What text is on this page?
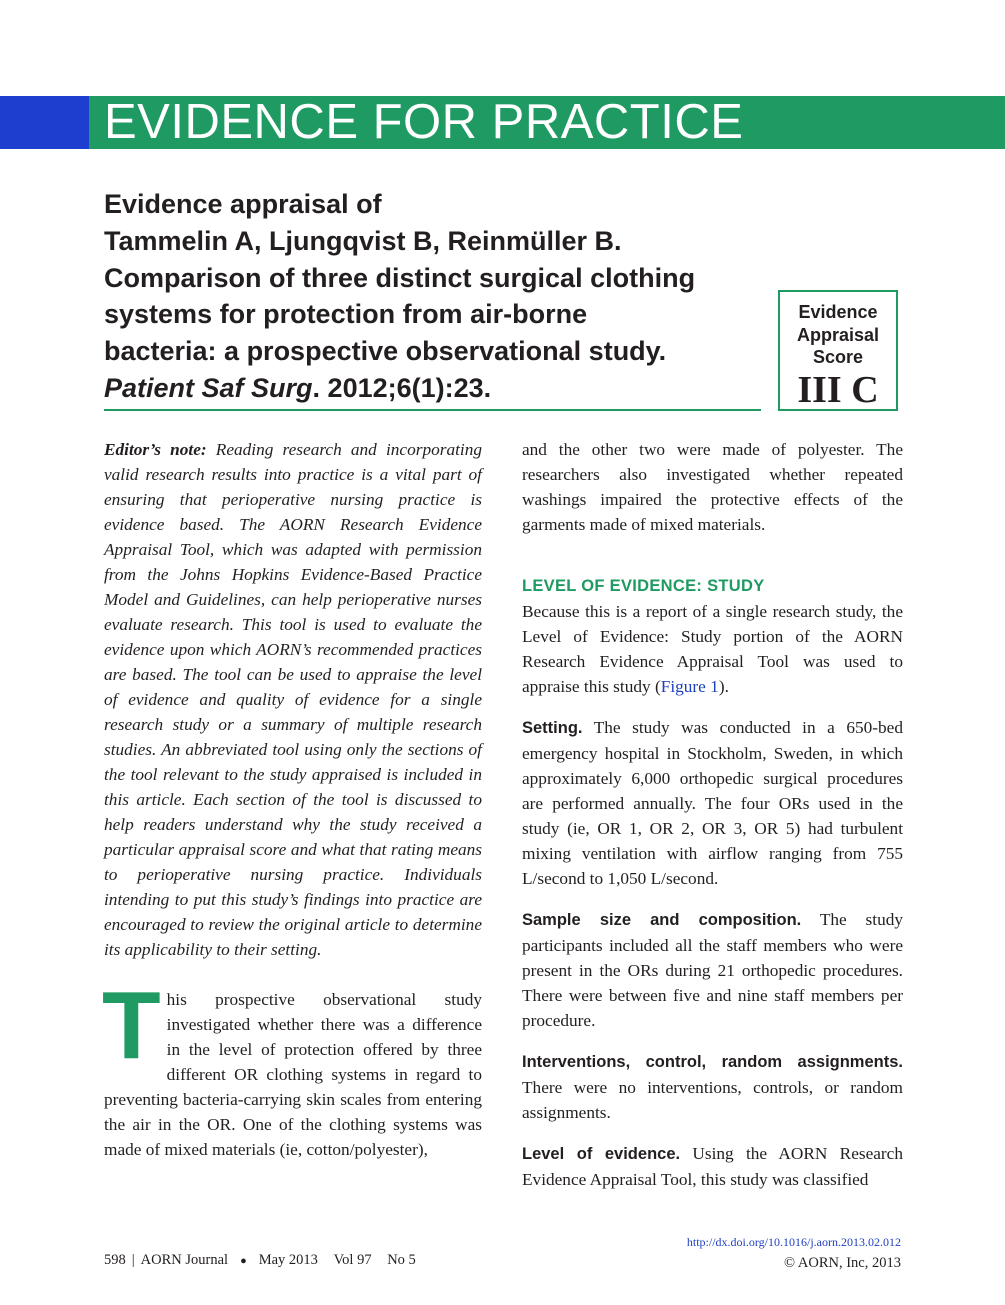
EVIDENCE FOR PRACTICE
Evidence appraisal of
Tammelin A, Ljungqvist B, Reinmüller B.
Comparison of three distinct surgical clothing
systems for protection from air-borne
bacteria: a prospective observational study.
Patient Saf Surg. 2012;6(1):23.
Evidence
Appraisal
Score
III C

Editor’s note: Reading research and incorporating valid research results into practice is a vital part of ensuring that perioperative nursing practice is evidence based. The AORN Research Evidence Appraisal Tool, which was adapted with permission from the Johns Hopkins Evidence-Based Practice Model and Guidelines, can help perioperative nurses evaluate research. This tool is used to evaluate the evidence upon which AORN’s recommended practices are based. The tool can be used to appraise the level of evidence and quality of evidence for a single research study or a summary of multiple research studies. An abbreviated tool using only the sections of the tool relevant to the study appraised is included in this article. Each section of the tool is discussed to help readers understand why the study received a particular appraisal score and what that rating means to perioperative nursing practice. Individuals intending to put this study’s findings into practice are encouraged to review the original article to determine its applicability to their setting.

This prospective observational study investigated whether there was a difference in the level of protection offered by three different OR clothing systems in regard to preventing bacteria-carrying skin scales from entering the air in the OR. One of the clothing systems was made of mixed materials (ie, cotton/polyester),

and the other two were made of polyester. The researchers also investigated whether repeated washings impaired the protective effects of the garments made of mixed materials.

LEVEL OF EVIDENCE: STUDY

Because this is a report of a single research study, the Level of Evidence: Study portion of the AORN Research Evidence Appraisal Tool was used to appraise this study (Figure 1).

Setting. The study was conducted in a 650-bed emergency hospital in Stockholm, Sweden, in which approximately 6,000 orthopedic surgical procedures are performed annually. The four ORs used in the study (ie, OR 1, OR 2, OR 3, OR 5) had turbulent mixing ventilation with airflow ranging from 755 L/second to 1,050 L/second.

Sample size and composition. The study participants included all the staff members who were present in the ORs during 21 orthopedic procedures. There were between five and nine staff members per procedure.

Interventions, control, random assignments. There were no interventions, controls, or random assignments.

Level of evidence. Using the AORN Research Evidence Appraisal Tool, this study was classified

598 | AORN Journal ● May 2013 Vol 97 No 5
http://dx.doi.org/10.1016/j.aorn.2013.02.012
© AORN, Inc, 2013
